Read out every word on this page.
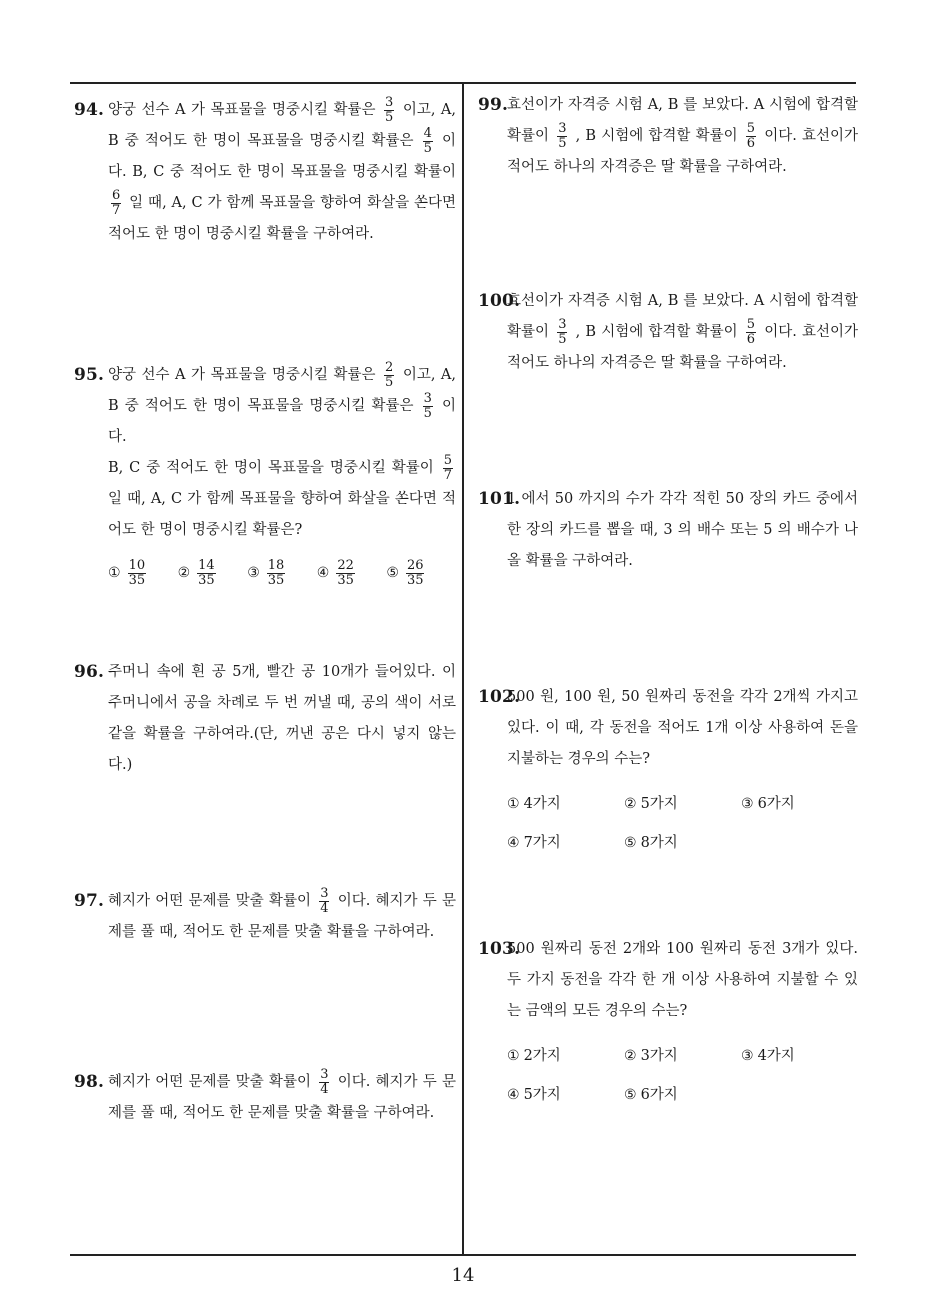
94. 양궁 선수 A 가 목표물을 명중시킬 확률은 $\frac{3}{5}$ 이고, A, B 중 적어도 한 명이 목표물을 명중시킬 확률은 $\frac{4}{5}$ 이다. B, C 중 적어도 한 명이 목표물을 명중시킬 확률이
$\frac{6}{7}$ 일 때, A, C 가 함께 목표물을 향하여 화살을 쏜다면 적어도 한 명이 명중시킬 확률을 구하여라.
95. 양궁 선수 A 가 목표물을 명중시킬 확률은 $\frac{2}{5}$ 이고, A, B 중 적어도 한 명이 목표물을 명중시킬 확률은 $\frac{3}{5}$ 이다.
B, C 중 적어도 한 명이 목표물을 명중시킬 확률이 $\frac{5}{7}$
일 때, A, C 가 함께 목표물을 향하여 화살을 쏜다면 적어도 한 명이 명중시킬 확률은?
① $\frac{10}{35}$ ② $\frac{14}{35}$ ③ $\frac{18}{35}$ ④ $\frac{22}{35}$ ⑤ $\frac{26}{35}$
96. 주머니 속에 흰 공 5개, 빨간 공 10개가 들어있다. 이 주머니에서 공을 차례로 두 번 꺼낼 때, 공의 색이 서로 같을 확률을 구하여라.(단, 꺼낸 공은 다시 넣지 않는다.)
97. 혜지가 어떤 문제를 맞출 확률이 $\frac{3}{4}$ 이다. 혜지가 두 문제를 풀 때, 적어도 한 문제를 맞출 확률을 구하여라.
98. 혜지가 어떤 문제를 맞출 확률이 $\frac{3}{4}$ 이다. 혜지가 두 문제를 풀 때, 적어도 한 문제를 맞출 확률을 구하여라.
99.
효선이가 자격증 시험 A, B 를 보았다. A 시험에 합격할 확률이 $\frac{3}{5}$ , B 시험에 합격할 확률이 $\frac{5}{6}$ 이다. 효선이가 적어도 하나의 자격증은 딸 확률을 구하여라.
100.
효선이가 자격증 시험 A, B 를 보았다. A 시험에 합격할 확률이 $\frac{3}{5}$ , B 시험에 합격할 확률이 $\frac{5}{6}$ 이다. 효선이가 적어도 하나의 자격증은 딸 확률을 구하여라.
101.
1 에서 50 까지의 수가 각각 적힌 50 장의 카드 중에서 한 장의 카드를 뽑을 때, 3 의 배수 또는 5 의 배수가 나올 확률을 구하여라.
102.
500 원, 100 원, 50 원짜리 동전을 각각 2개씩 가지고 있다. 이 때, 각 동전을 적어도 1개 이상 사용하여 돈을 지불하는 경우의 수는?
① 4가지	② 5가지	③ 6가지
④ 7가지	⑤ 8가지
103.
500 원짜리 동전 2개와 100 원짜리 동전 3개가 있다. 두 가지 동전을 각각 한 개 이상 사용하여 지불할 수 있는 금액의 모든 경우의 수는?
① 2가지	② 3가지	③ 4가지
④ 5가지	⑤ 6가지
14
